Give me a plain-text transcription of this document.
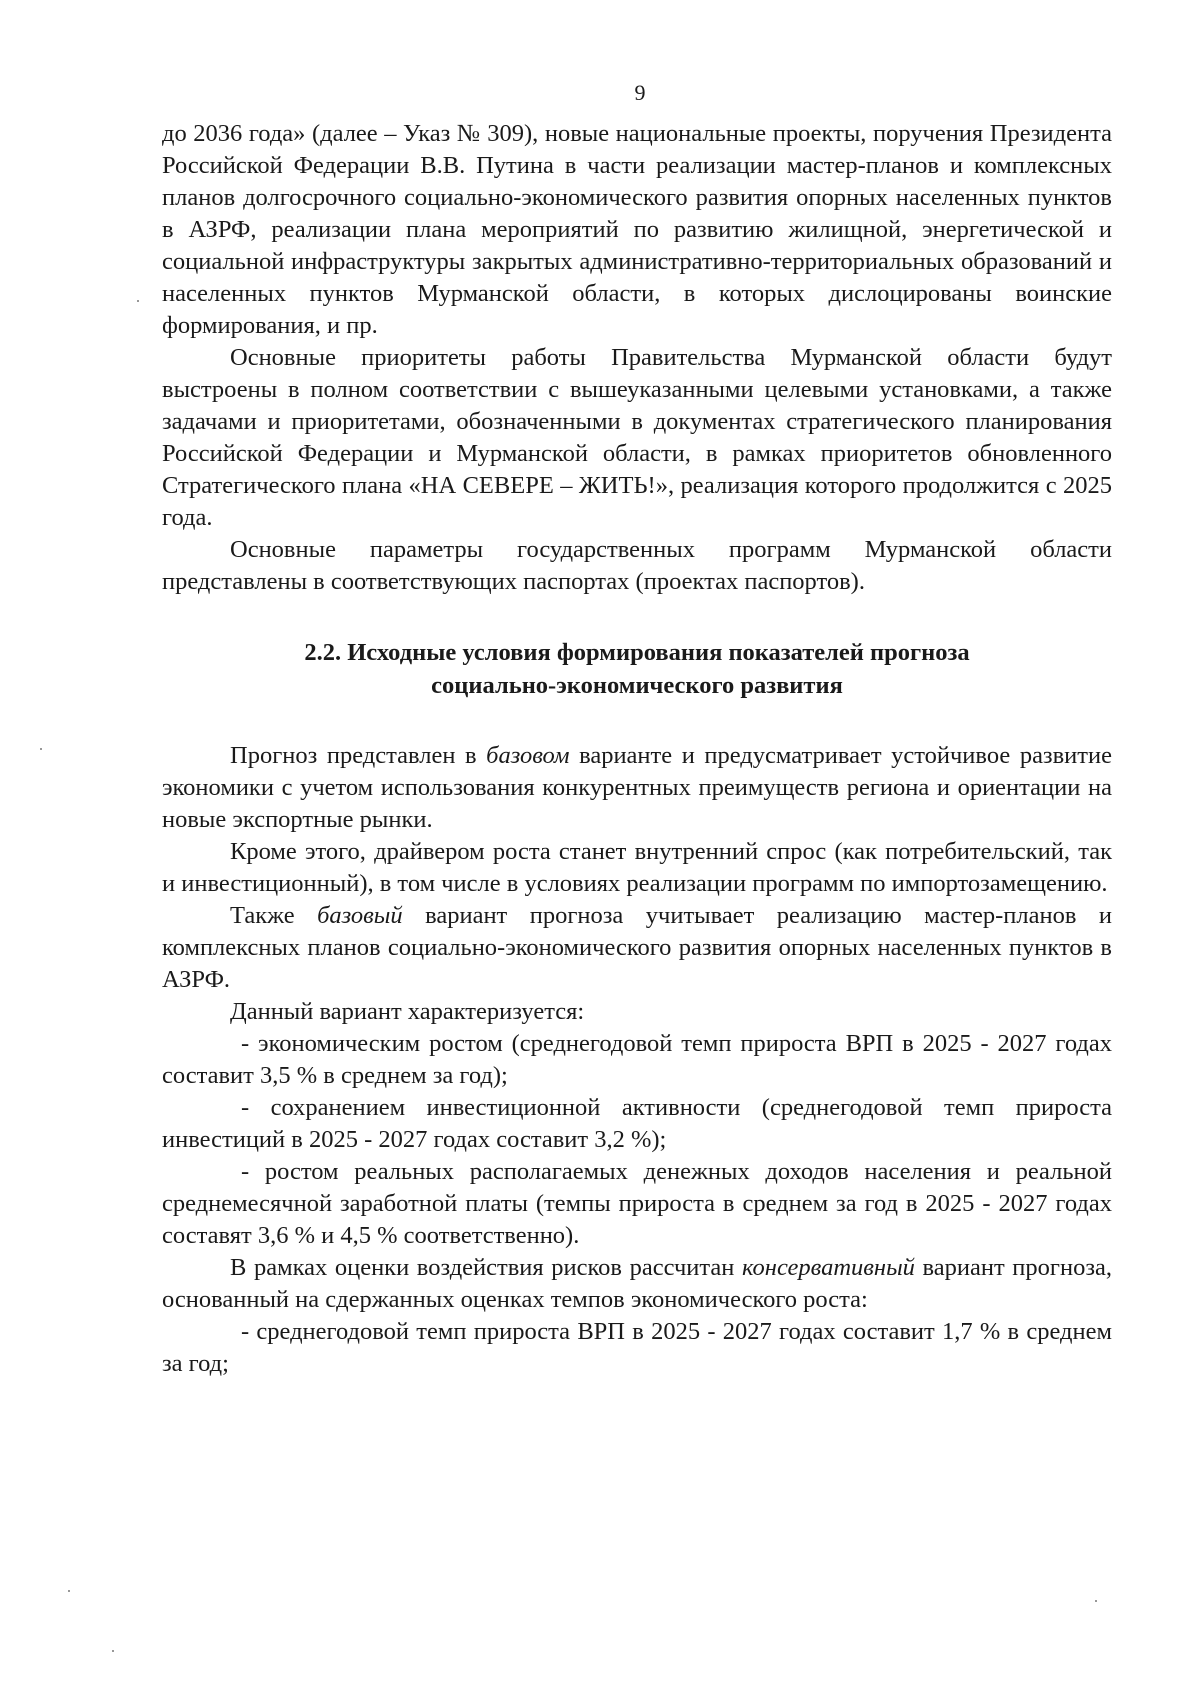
9

до 2036 года» (далее – Указ № 309), новые национальные проекты, поручения Президента Российской Федерации В.В. Путина в части реализации мастер-планов и комплексных планов долгосрочного социально-экономического развития опорных населенных пунктов в АЗРФ, реализации плана мероприятий по развитию жилищной, энергетической и социальной инфраструктуры закрытых административно-территориальных образований и населенных пунктов Мурманской области, в которых дислоцированы воинские формирования, и пр.

Основные приоритеты работы Правительства Мурманской области будут выстроены в полном соответствии с вышеуказанными целевыми установками, а также задачами и приоритетами, обозначенными в документах стратегического планирования Российской Федерации и Мурманской области, в рамках приоритетов обновленного Стратегического плана «НА СЕВЕРЕ – ЖИТЬ!», реализация которого продолжится с 2025 года.

Основные параметры государственных программ Мурманской области представлены в соответствующих паспортах (проектах паспортов).

2.2. Исходные условия формирования показателей прогноза
социально-экономического развития

Прогноз представлен в базовом варианте и предусматривает устойчивое развитие экономики с учетом использования конкурентных преимуществ региона и ориентации на новые экспортные рынки.

Кроме этого, драйвером роста станет внутренний спрос (как потребительский, так и инвестиционный), в том числе в условиях реализации программ по импортозамещению.

Также базовый вариант прогноза учитывает реализацию мастер-планов и комплексных планов социально-экономического развития опорных населенных пунктов в АЗРФ.

Данный вариант характеризуется:

- экономическим ростом (среднегодовой темп прироста ВРП в 2025 - 2027 годах составит 3,5 % в среднем за год);

- сохранением инвестиционной активности (среднегодовой темп прироста инвестиций в 2025 - 2027 годах составит 3,2 %);

- ростом реальных располагаемых денежных доходов населения и реальной среднемесячной заработной платы (темпы прироста в среднем за год в 2025 - 2027 годах составят 3,6 % и 4,5 % соответственно).

В рамках оценки воздействия рисков рассчитан консервативный вариант прогноза, основанный на сдержанных оценках темпов экономического роста:

- среднегодовой темп прироста ВРП в 2025 - 2027 годах составит 1,7 % в среднем за год;
